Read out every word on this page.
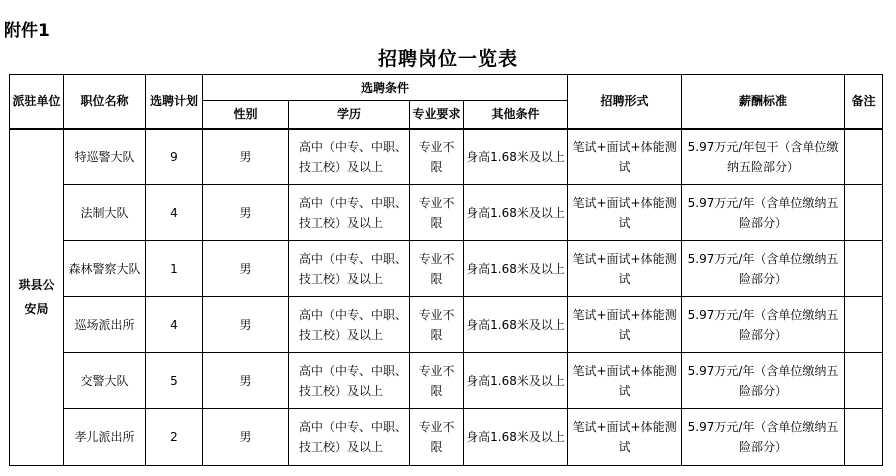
附件1
招聘岗位一览表
派驻单位	职位名称	选聘计划	选聘条件				招聘形式	薪酬标准	备注
			性别	学历	专业要求	其他条件			
珙县公安局	特巡警大队	9	男	高中（中专、中职、技工校）及以上	专业不限	身高1.68米及以上	笔试+面试+体能测试	5.97万元/年包干（含单位缴纳五险部分）	
	法制大队	4	男	高中（中专、中职、技工校）及以上	专业不限	身高1.68米及以上	笔试+面试+体能测试	5.97万元/年（含单位缴纳五险部分）	
	森林警察大队	1	男	高中（中专、中职、技工校）及以上	专业不限	身高1.68米及以上	笔试+面试+体能测试	5.97万元/年（含单位缴纳五险部分）	
	巡场派出所	4	男	高中（中专、中职、技工校）及以上	专业不限	身高1.68米及以上	笔试+面试+体能测试	5.97万元/年（含单位缴纳五险部分）	
	交警大队	5	男	高中（中专、中职、技工校）及以上	专业不限	身高1.68米及以上	笔试+面试+体能测试	5.97万元/年（含单位缴纳五险部分）	
	孝儿派出所	2	男	高中（中专、中职、技工校）及以上	专业不限	身高1.68米及以上	笔试+面试+体能测试	5.97万元/年（含单位缴纳五险部分）	
